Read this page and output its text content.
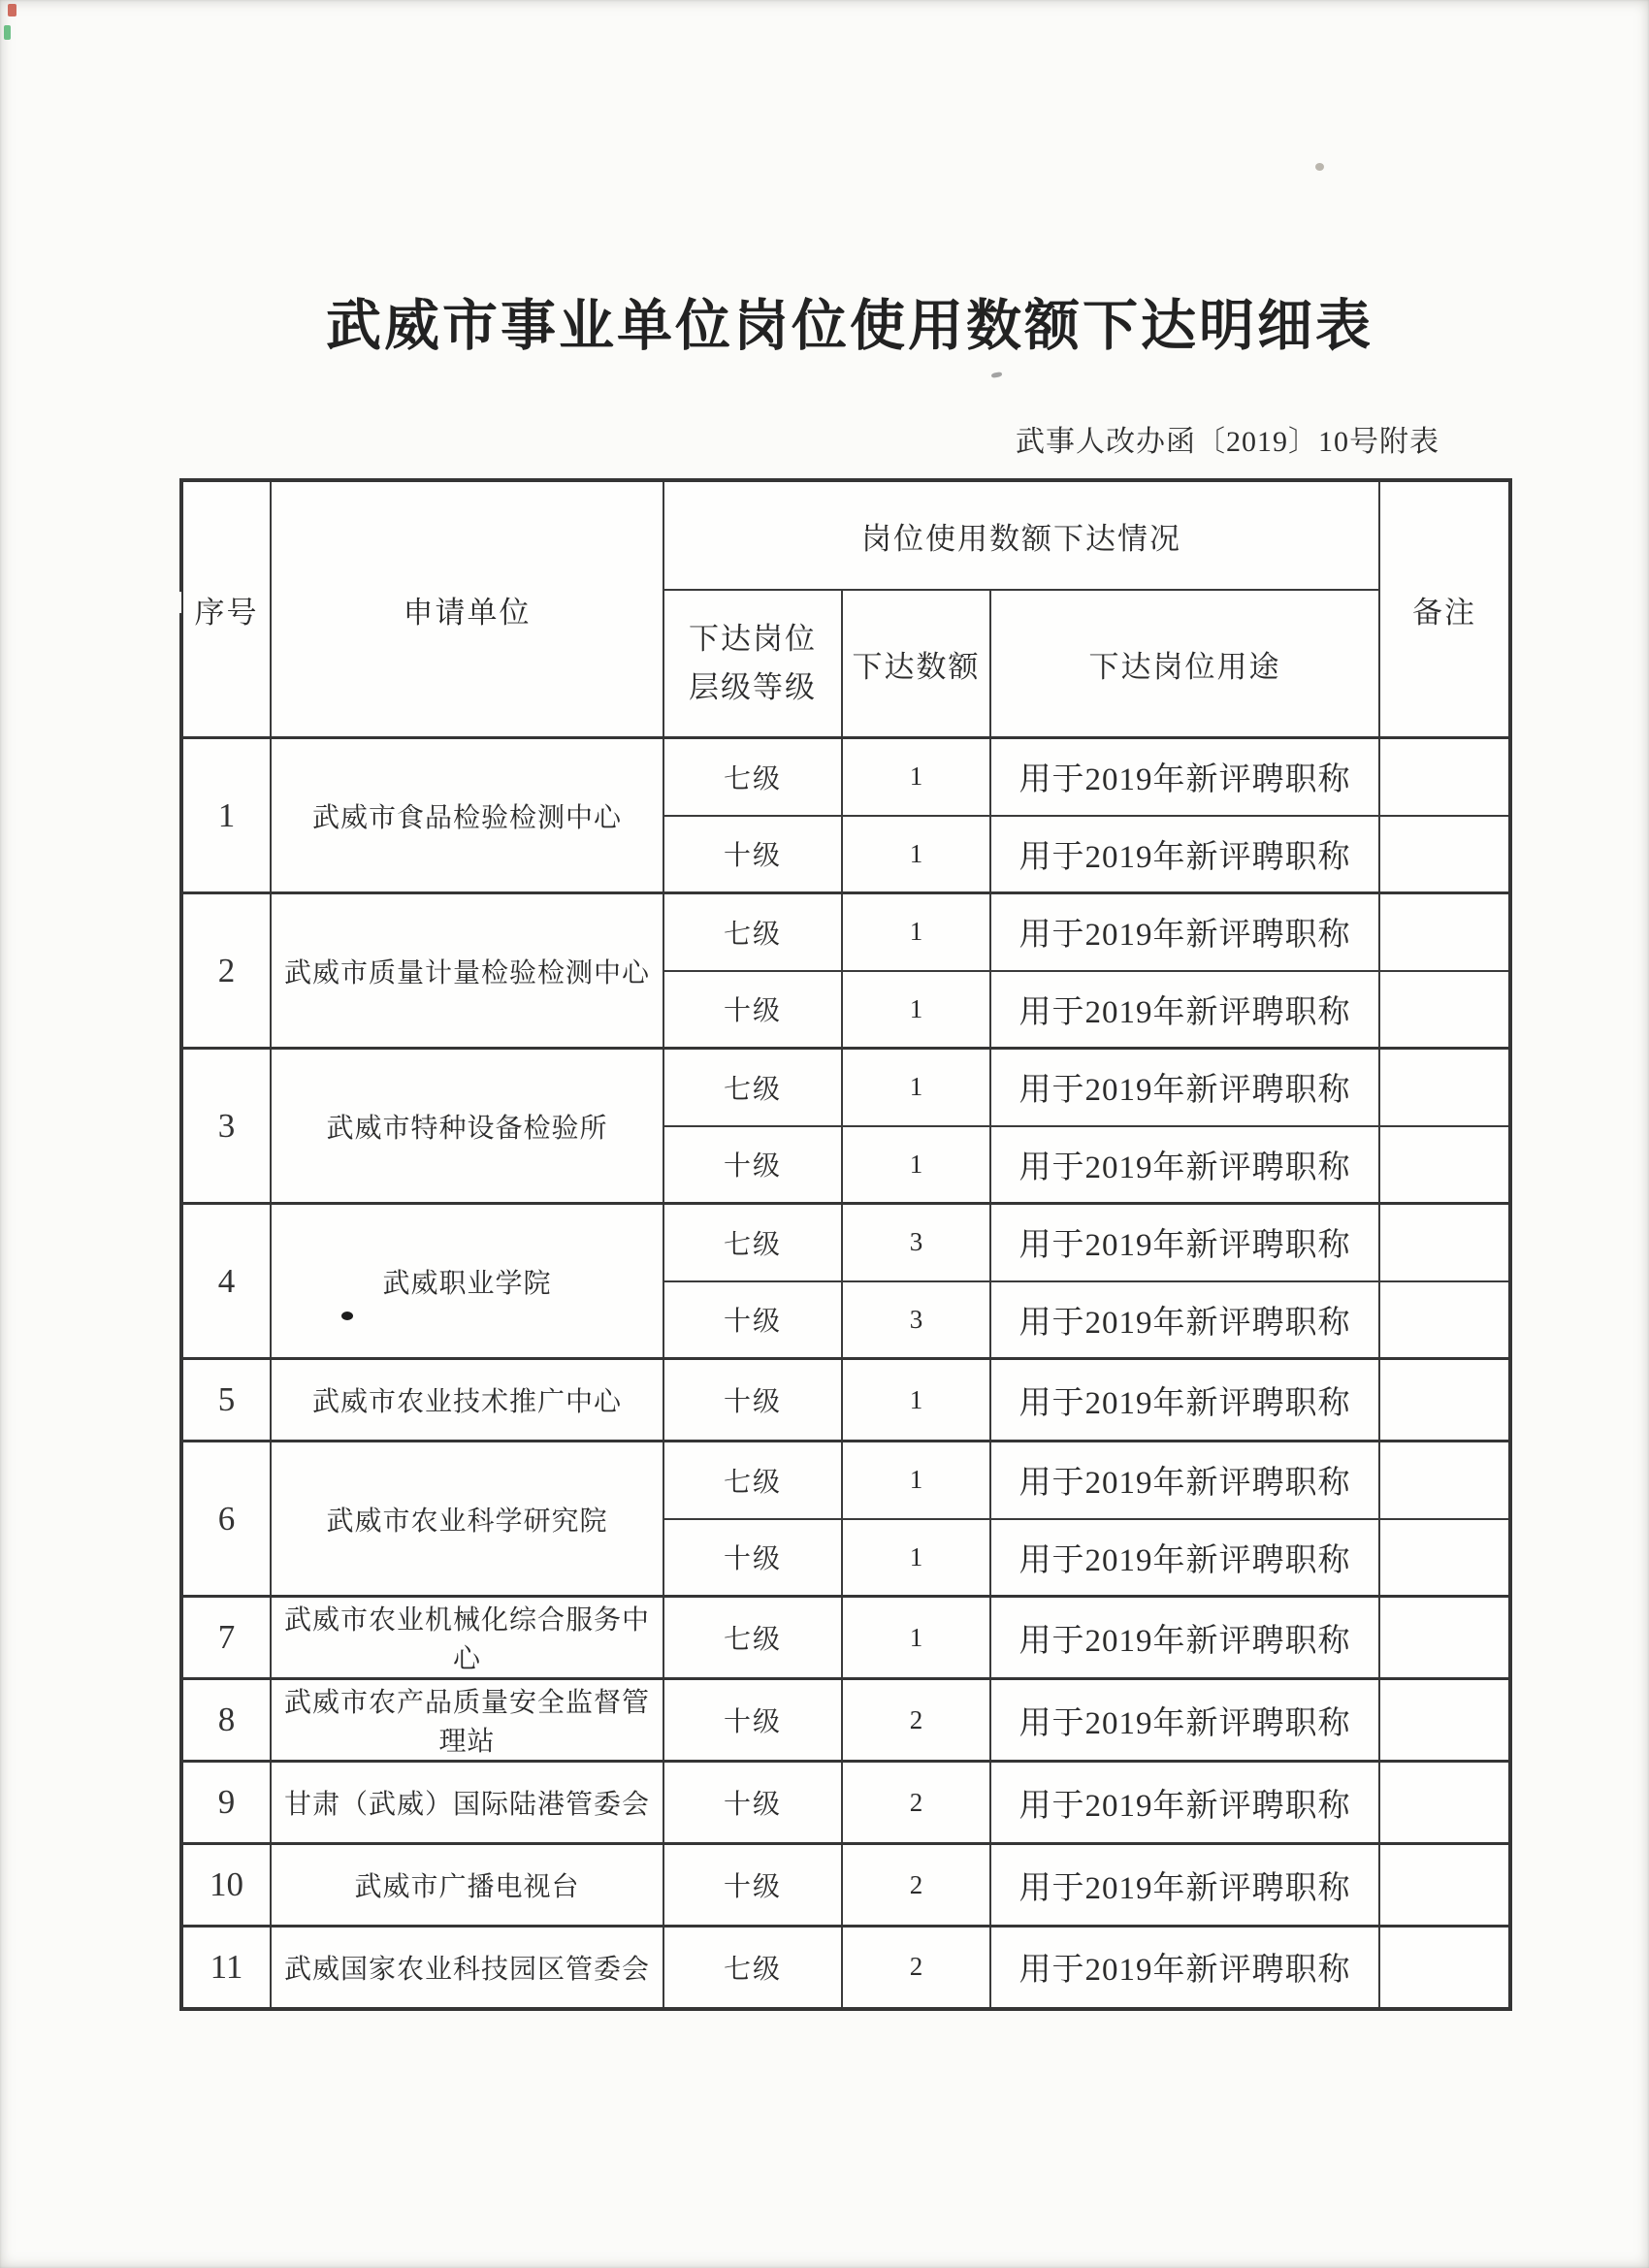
武威市事业单位岗位使用数额下达明细表
武事人改办函〔2019〕10号附表
序号	申请单位	岗位使用数额下达情况			备注
		下达岗位层级等级	下达数额	下达岗位用途	
1	武威市食品检验检测中心	七级	1	用于2019年新评聘职称	
		十级	1	用于2019年新评聘职称	
2	武威市质量计量检验检测中心	七级	1	用于2019年新评聘职称	
		十级	1	用于2019年新评聘职称	
3	武威市特种设备检验所	七级	1	用于2019年新评聘职称	
		十级	1	用于2019年新评聘职称	
4	武威职业学院	七级	3	用于2019年新评聘职称	
		十级	3	用于2019年新评聘职称	
5	武威市农业技术推广中心	十级	1	用于2019年新评聘职称	
6	武威市农业科学研究院	七级	1	用于2019年新评聘职称	
		十级	1	用于2019年新评聘职称	
7	武威市农业机械化综合服务中心	七级	1	用于2019年新评聘职称	
8	武威市农产品质量安全监督管理站	十级	2	用于2019年新评聘职称	
9	甘肃（武威）国际陆港管委会	十级	2	用于2019年新评聘职称	
10	武威市广播电视台	十级	2	用于2019年新评聘职称	
11	武威国家农业科技园区管委会	七级	2	用于2019年新评聘职称	
